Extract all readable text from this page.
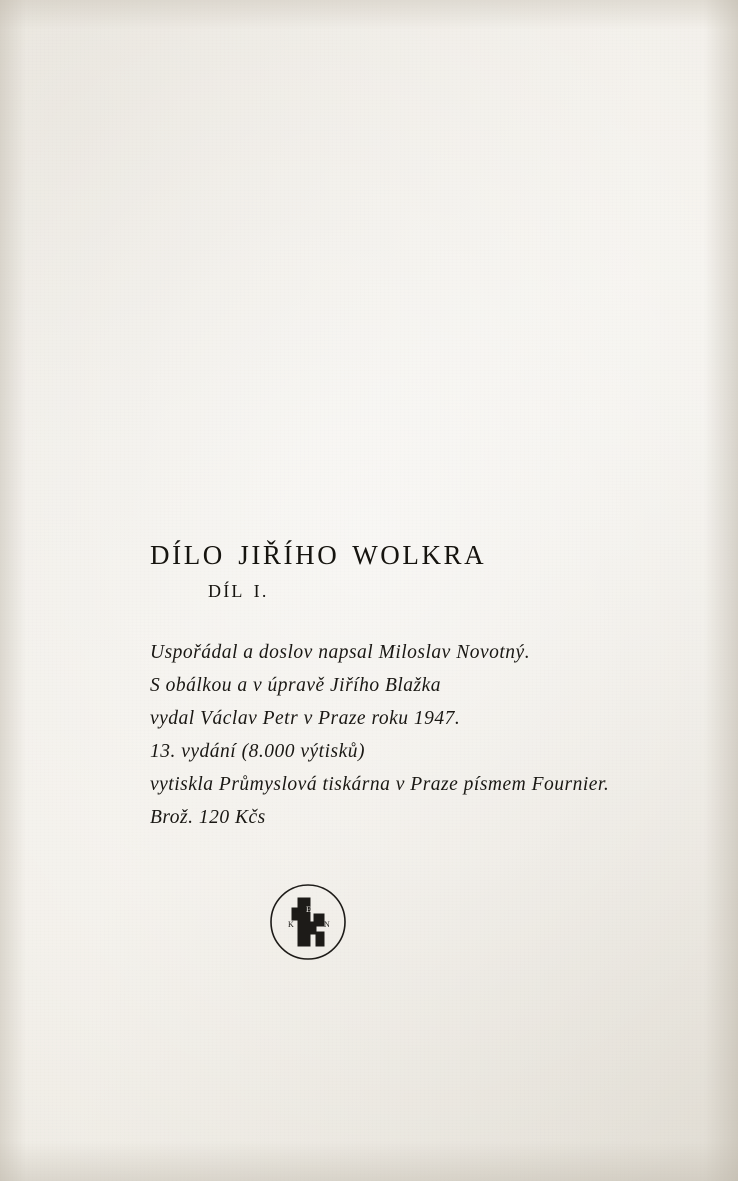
DÍLO JIŘÍHO WOLKRA
DÍL I.
Uspořádal a doslov napsal Miloslav Novotný.
S obálkou a v úpravě Jiřího Blažka
vydal Václav Petr v Praze roku 1947.
13. vydání (8.000 výtisků)
vytiskla Průmyslová tiskárna v Praze písmem Fournier.
Brož. 120 Kčs
K
M E
N
